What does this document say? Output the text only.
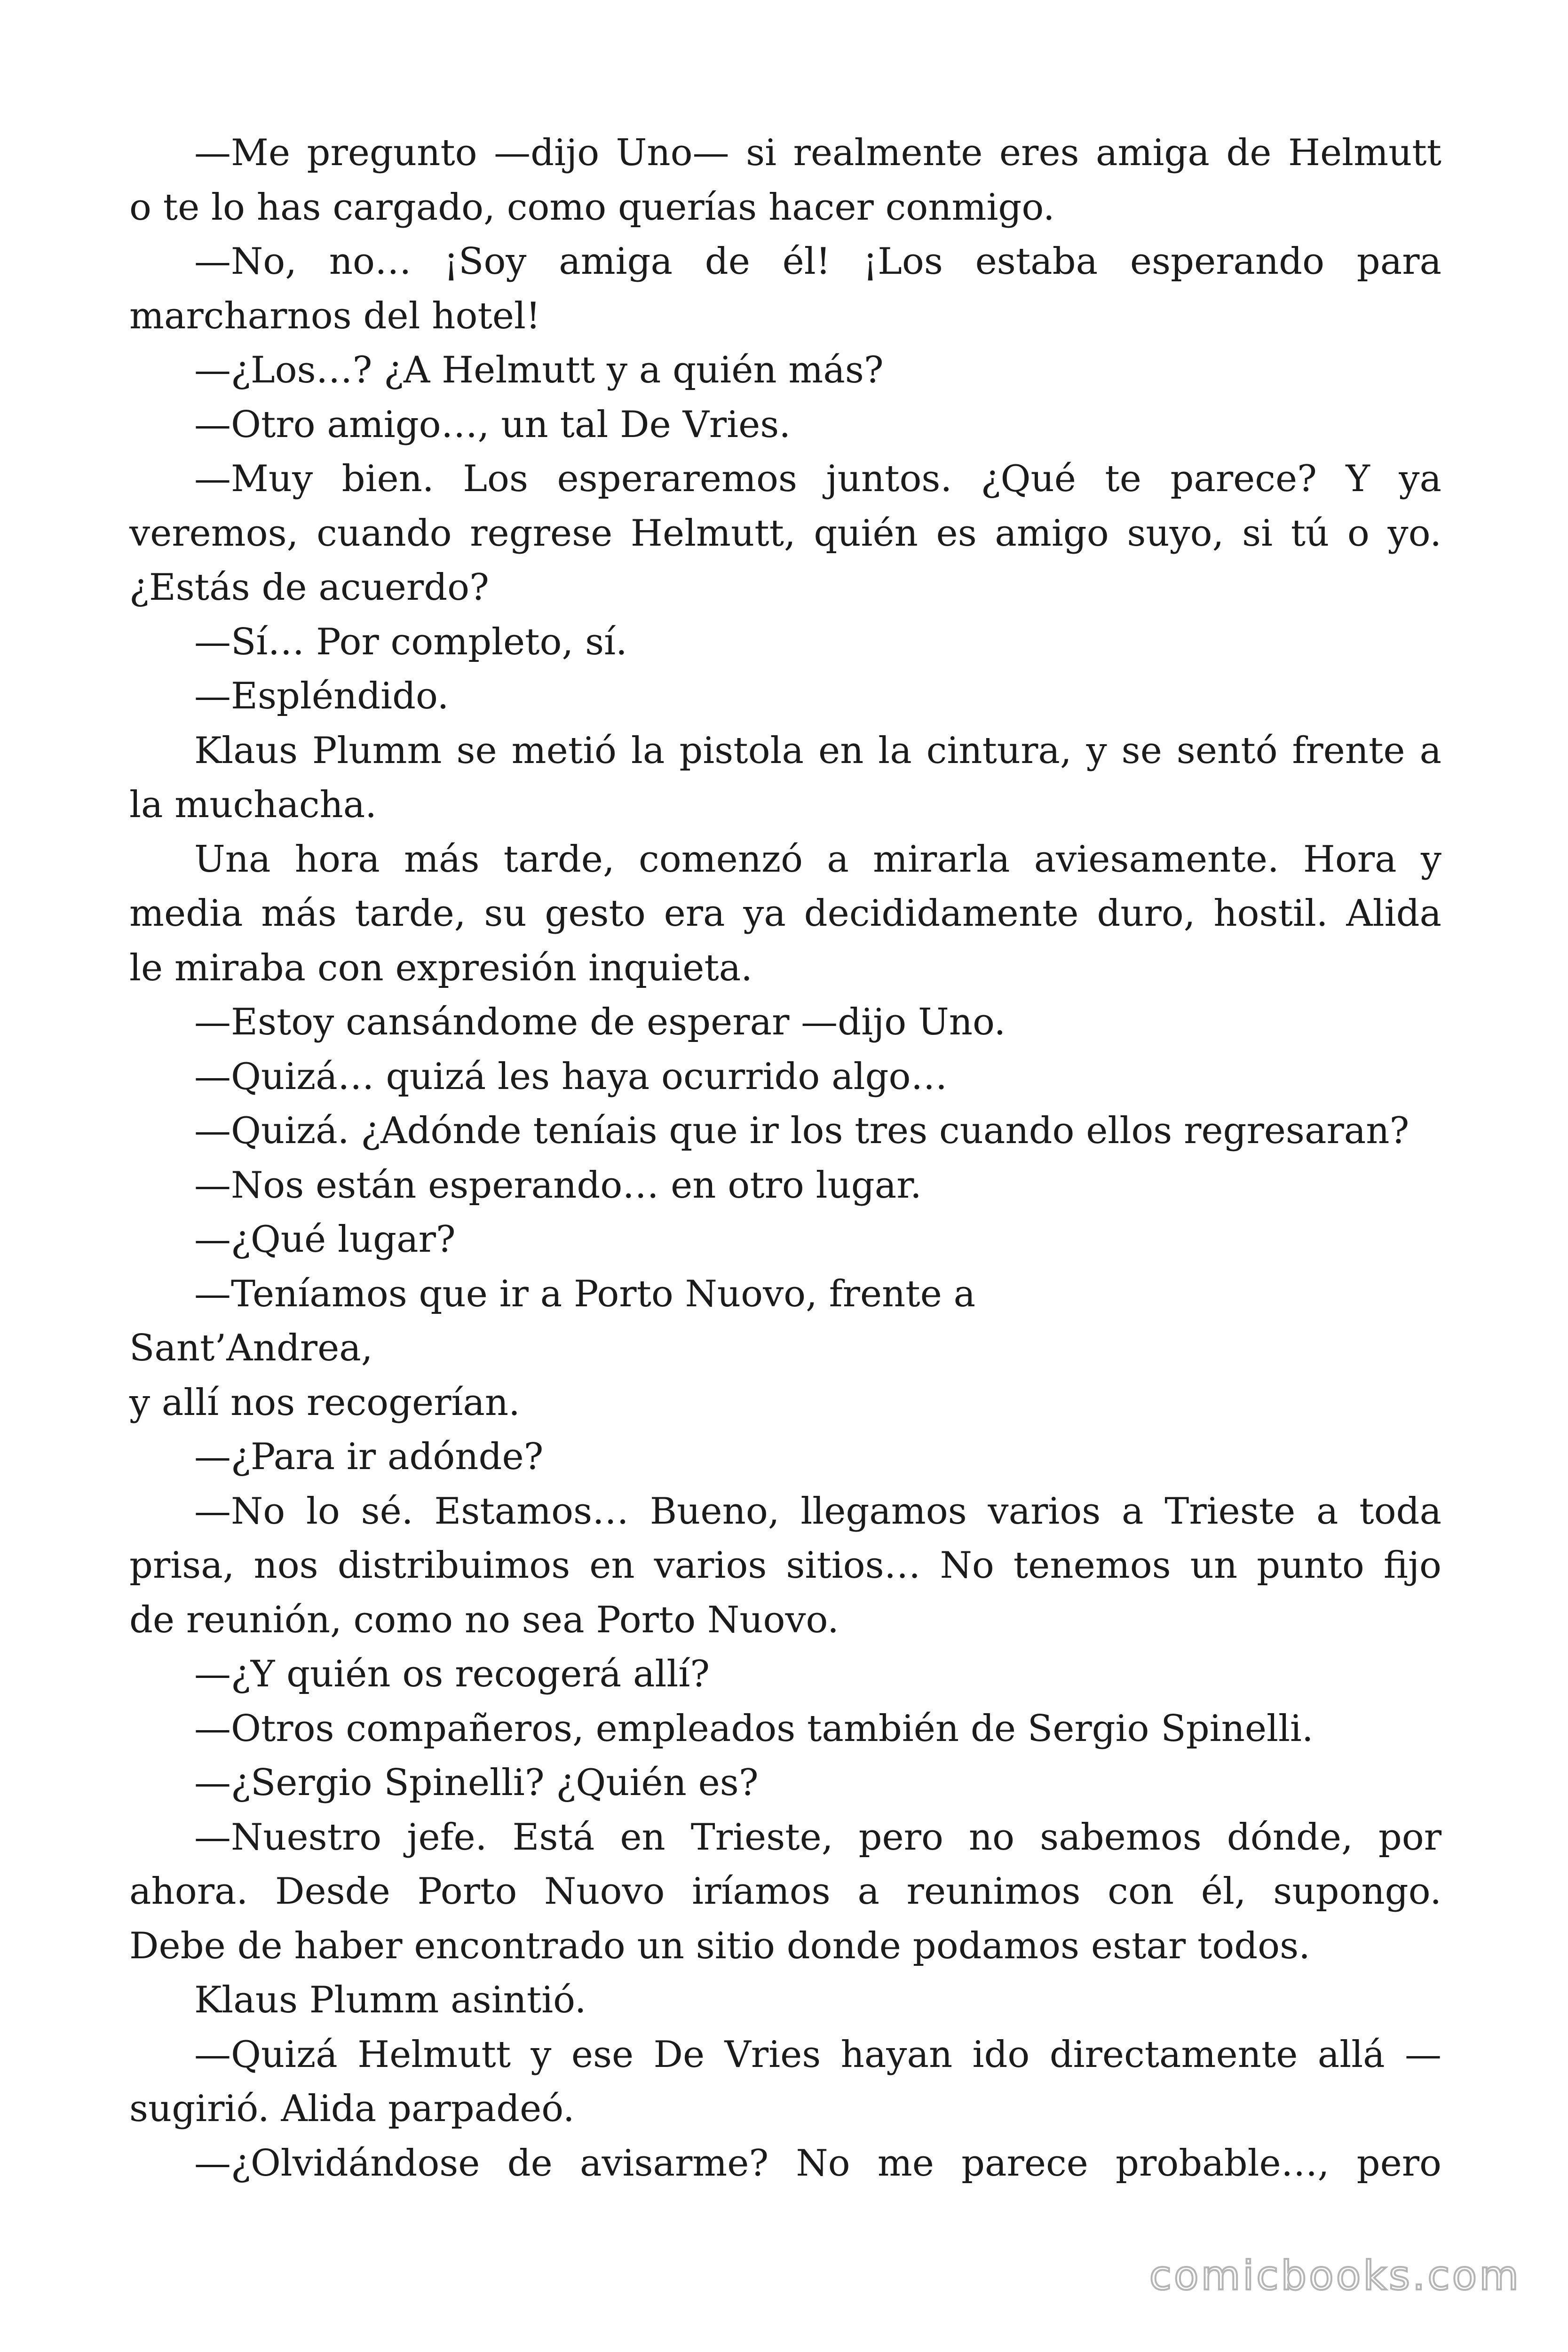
—Me pregunto —dijo Uno— si realmente eres amiga de Helmutt
o te lo has cargado, como querías hacer conmigo.
—No, no… ¡Soy amiga de él! ¡Los estaba esperando para
marcharnos del hotel!
—¿Los…? ¿A Helmutt y a quién más?
—Otro amigo…, un tal De Vries.
—Muy bien. Los esperaremos juntos. ¿Qué te parece? Y ya
veremos, cuando regrese Helmutt, quién es amigo suyo, si tú o yo.
¿Estás de acuerdo?
—Sí… Por completo, sí.
—Espléndido.
Klaus Plumm se metió la pistola en la cintura, y se sentó frente a
la muchacha.
Una hora más tarde, comenzó a mirarla aviesamente. Hora y
media más tarde, su gesto era ya decididamente duro, hostil. Alida
le miraba con expresión inquieta.
—Estoy cansándome de esperar —dijo Uno.
—Quizá… quizá les haya ocurrido algo…
—Quizá. ¿Adónde teníais que ir los tres cuando ellos regresaran?
—Nos están esperando… en otro lugar.
—¿Qué lugar?
—Teníamos que ir a Porto Nuovo, frente a
Sant’Andrea,
y allí nos recogerían.
—¿Para ir adónde?
—No lo sé. Estamos… Bueno, llegamos varios a Trieste a toda
prisa, nos distribuimos en varios sitios… No tenemos un punto fijo
de reunión, como no sea Porto Nuovo.
—¿Y quién os recogerá allí?
—Otros compañeros, empleados también de Sergio Spinelli.
—¿Sergio Spinelli? ¿Quién es?
—Nuestro jefe. Está en Trieste, pero no sabemos dónde, por
ahora. Desde Porto Nuovo iríamos a reunimos con él, supongo.
Debe de haber encontrado un sitio donde podamos estar todos.
Klaus Plumm asintió.
—Quizá Helmutt y ese De Vries hayan ido directamente allá —
sugirió. Alida parpadeó.
—¿Olvidándose de avisarme? No me parece probable…, pero
comicbooks.com
